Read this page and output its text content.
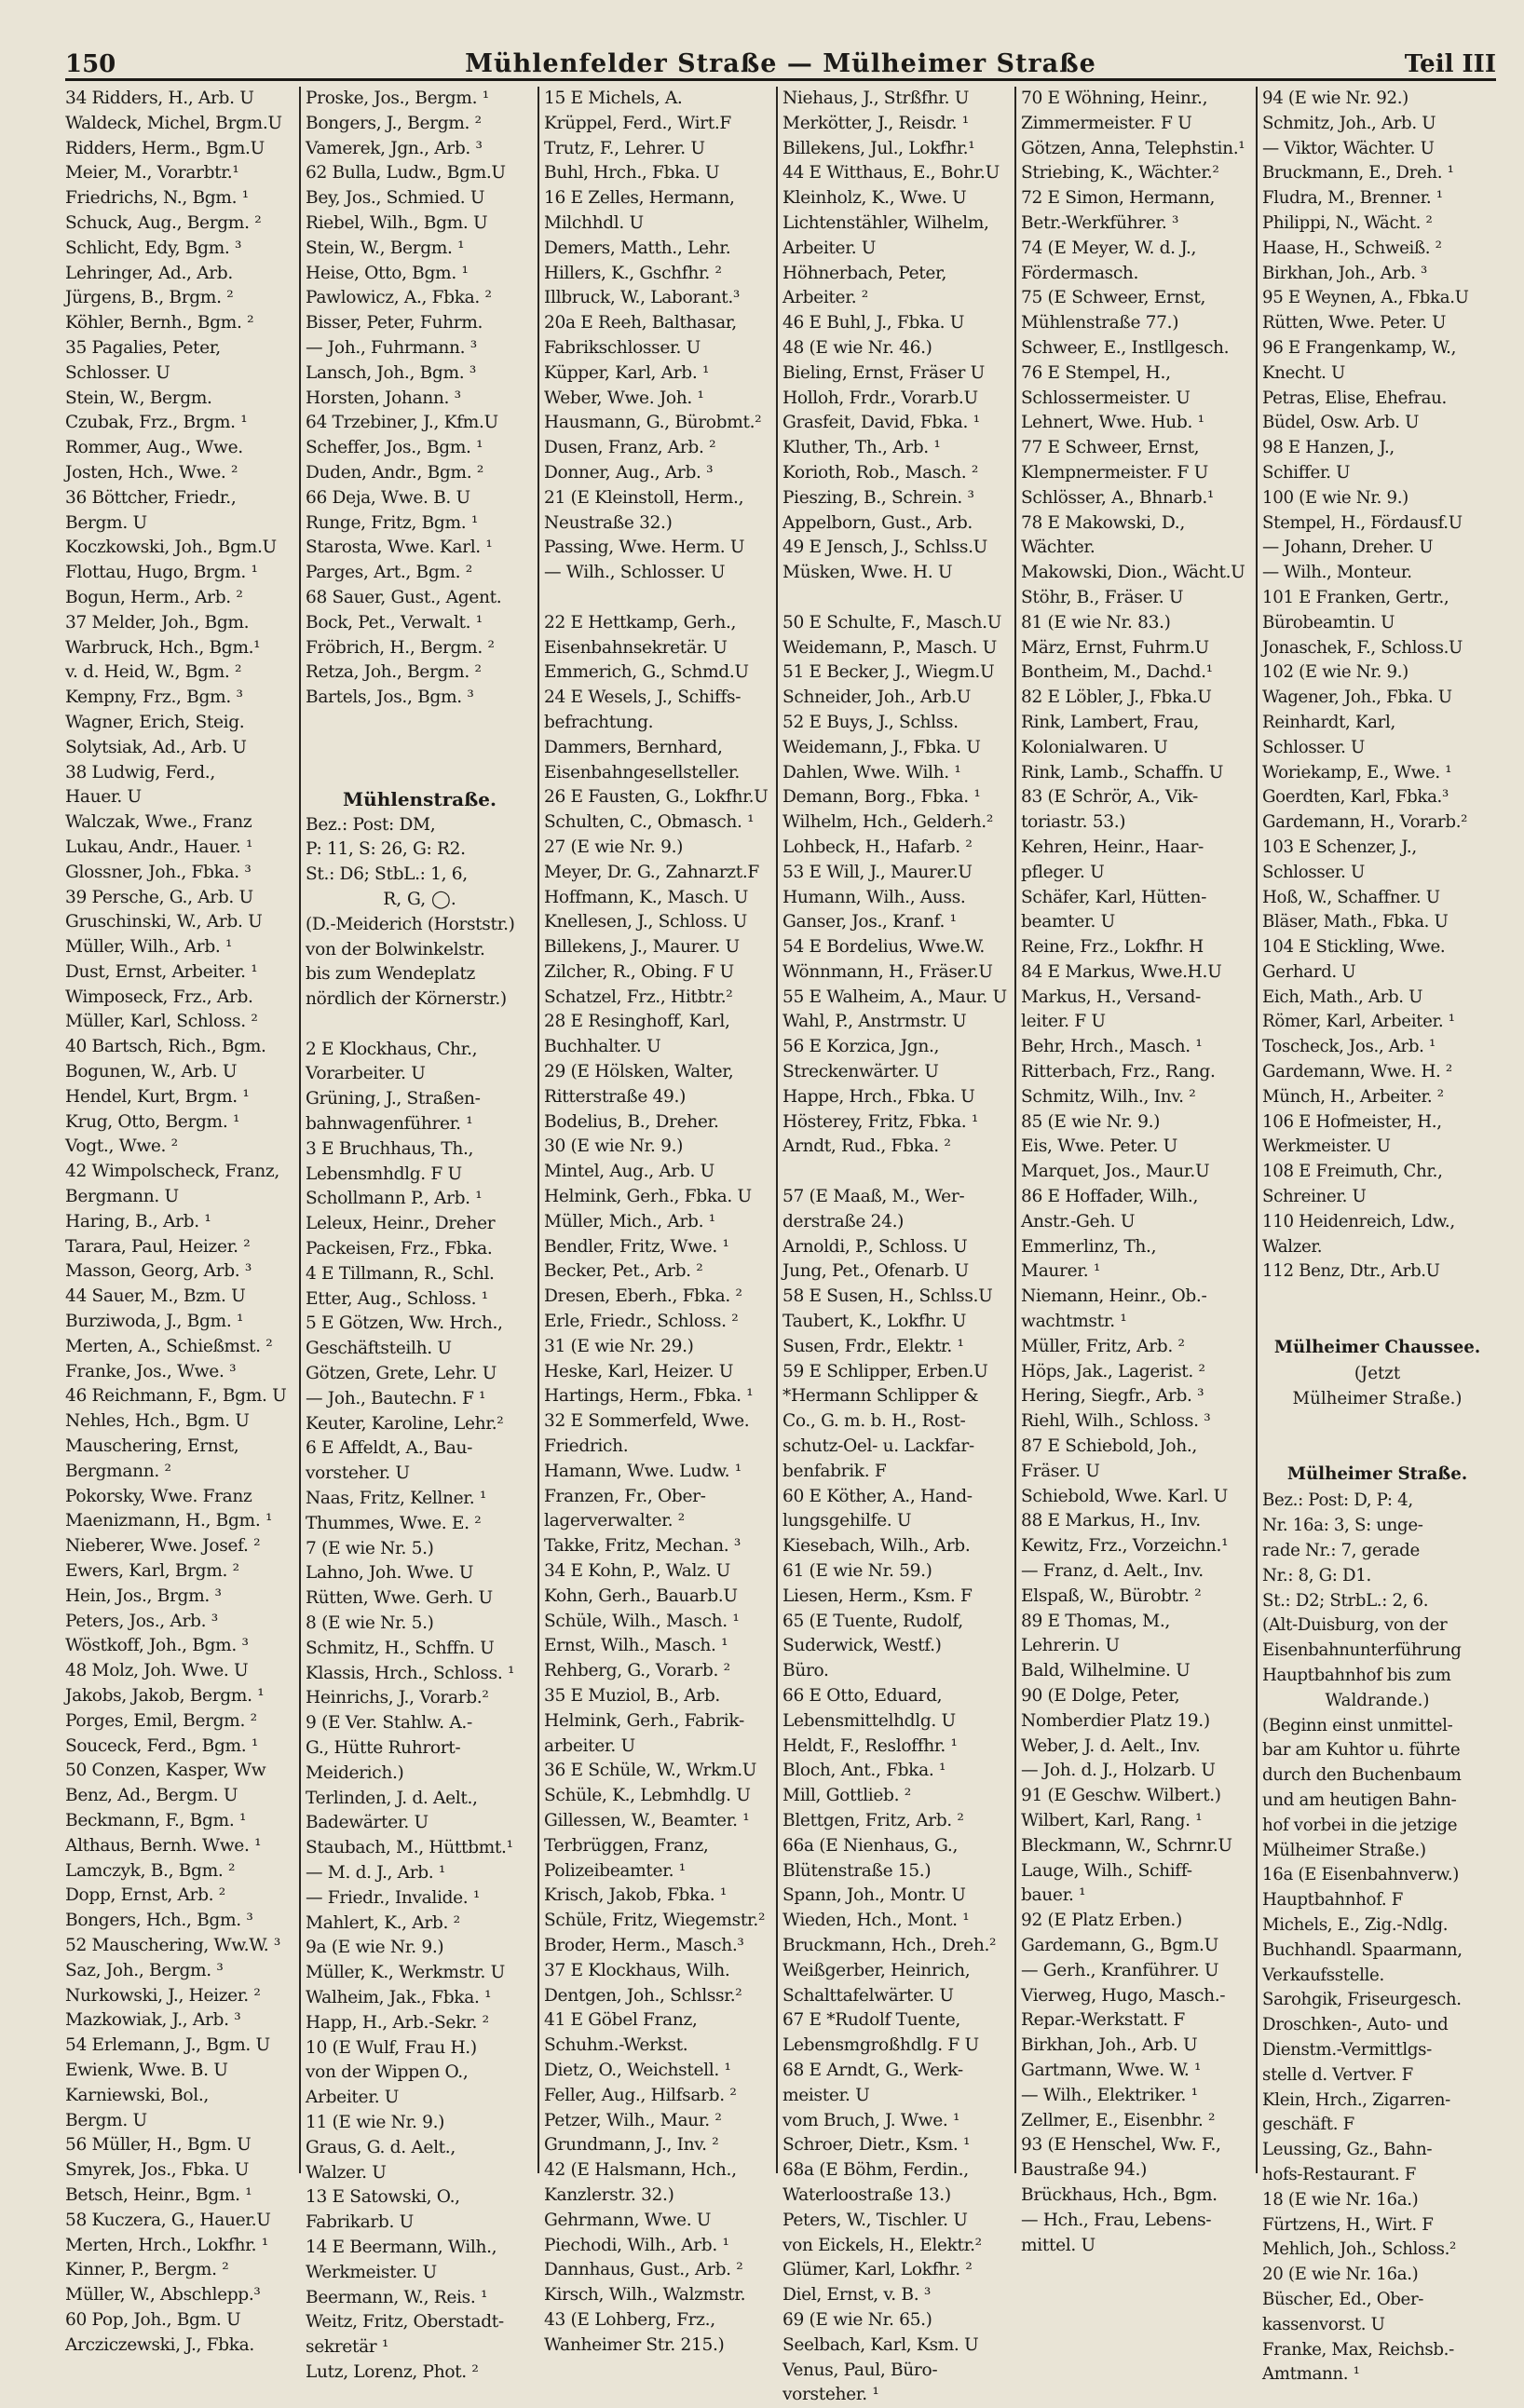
150	Mühlenfelder Straße — Mülheimer Straße	Teil III
34 Ridders, H., Arb. U
Waldeck, Michel, Brgm.U
Ridders, Herm., Bgm.U
Meier, M., Vorarbtr.¹
Friedrichs, N., Bgm. ¹
Schuck, Aug., Bergm. ²
Schlicht, Edy, Bgm. ³
Lehringer, Ad., Arb.
Jürgens, B., Brgm. ²
Köhler, Bernh., Bgm. ²
35 Pagalies, Peter,
Schlosser. U
Stein, W., Bergm.
Czubak, Frz., Brgm. ¹
Rommer, Aug., Wwe.
Josten, Hch., Wwe. ²
36 Böttcher, Friedr.,
Bergm. U
Koczkowski, Joh., Bgm.U
Flottau, Hugo, Brgm. ¹
Bogun, Herm., Arb. ²
37 Melder, Joh., Bgm.
Warbruck, Hch., Bgm.¹
v. d. Heid, W., Bgm. ²
Kempny, Frz., Bgm. ³
Wagner, Erich, Steig.
Solytsiak, Ad., Arb. U
38 Ludwig, Ferd.,
Hauer. U
Walczak, Wwe., Franz
Lukau, Andr., Hauer. ¹
Glossner, Joh., Fbka. ³
39 Persche, G., Arb. U
Gruschinski, W., Arb. U
Müller, Wilh., Arb. ¹
Dust, Ernst, Arbeiter. ¹
Wimposeck, Frz., Arb.
Müller, Karl, Schloss. ²
40 Bartsch, Rich., Bgm.
Bogunen, W., Arb. U
Hendel, Kurt, Brgm. ¹
Krug, Otto, Bergm. ¹
Vogt., Wwe. ²
42 Wimpolscheck, Franz,
Bergmann. U
Haring, B., Arb. ¹
Tarara, Paul, Heizer. ²
Masson, Georg, Arb. ³
44 Sauer, M., Bzm. U
Burziwoda, J., Bgm. ¹
Merten, A., Schießmst. ²
Franke, Jos., Wwe. ³
46 Reichmann, F., Bgm. U
Nehles, Hch., Bgm. U
Mauschering, Ernst,
Bergmann. ²
Pokorsky, Wwe. Franz
Maenizmann, H., Bgm. ¹
Nieberer, Wwe. Josef. ²
Ewers, Karl, Brgm. ²
Hein, Jos., Brgm. ³
Peters, Jos., Arb. ³
Wöstkoff, Joh., Bgm. ³
48 Molz, Joh. Wwe. U
Jakobs, Jakob, Bergm. ¹
Porges, Emil, Bergm. ²
Souceck, Ferd., Bgm. ¹
50 Conzen, Kasper, Ww
Benz, Ad., Bergm. U
Beckmann, F., Bgm. ¹
Althaus, Bernh. Wwe. ¹
Lamczyk, B., Bgm. ²
Dopp, Ernst, Arb. ²
Bongers, Hch., Bgm. ³
52 Mauschering, Ww.W. ³
Saz, Joh., Bergm. ³
Nurkowski, J., Heizer. ²
Mazkowiak, J., Arb. ³
54 Erlemann, J., Bgm. U
Ewienk, Wwe. B. U
Karniewski, Bol.,
Bergm. U
56 Müller, H., Bgm. U
Smyrek, Jos., Fbka. U
Betsch, Heinr., Bgm. ¹
58 Kuczera, G., Hauer.U
Merten, Hrch., Lokfhr. ¹
Kinner, P., Bergm. ²
Müller, W., Abschlepp.³
60 Pop, Joh., Bgm. U
Arcziczewski, J., Fbka.
Proske, Jos., Bergm. ¹
Bongers, J., Bergm. ²
Vamerek, Jgn., Arb. ³
62 Bulla, Ludw., Bgm.U
Bey, Jos., Schmied. U
Riebel, Wilh., Bgm. U
Stein, W., Bergm. ¹
Heise, Otto, Bgm. ¹
Pawlowicz, A., Fbka. ²
Bisser, Peter, Fuhrm.
— Joh., Fuhrmann. ³
Lansch, Joh., Bgm. ³
Horsten, Johann. ³
64 Trzebiner, J., Kfm.U
Scheffer, Jos., Bgm. ¹
Duden, Andr., Bgm. ²
66 Deja, Wwe. B. U
Runge, Fritz, Bgm. ¹
Starosta, Wwe. Karl. ¹
Parges, Art., Bgm. ²
68 Sauer, Gust., Agent.
Bock, Pet., Verwalt. ¹
Fröbrich, H., Bergm. ²
Retza, Joh., Bergm. ²
Bartels, Jos., Bgm. ³
Mühlenstraße.
Bez.: Post: DM,
P: 11, S: 26, G: R2.
St.: D6; StbL.: 1, 6,
R, G, ◯.
(D.-Meiderich (Horststr.)
von der Bolwinkelstr.
bis zum Wendeplatz
nördlich der Körnerstr.)
2 E Klockhaus, Chr.,
Vorarbeiter. U
Grüning, J., Straßen-
bahnwagenführer. ¹
3 E Bruchhaus, Th.,
Lebensmhdlg. F U
Schollmann P., Arb. ¹
Leleux, Heinr., Dreher
Packeisen, Frz., Fbka.
4 E Tillmann, R., Schl.
Etter, Aug., Schloss. ¹
5 E Götzen, Ww. Hrch.,
Geschäftsteilh. U
Götzen, Grete, Lehr. U
— Joh., Bautechn. F ¹
Keuter, Karoline, Lehr.²
6 E Affeldt, A., Bau-
vorsteher. U
Naas, Fritz, Kellner. ¹
Thummes, Wwe. E. ²
7 (E wie Nr. 5.)
Lahno, Joh. Wwe. U
Rütten, Wwe. Gerh. U
8 (E wie Nr. 5.)
Schmitz, H., Schffn. U
Klassis, Hrch., Schloss. ¹
Heinrichs, J., Vorarb.²
9 (E Ver. Stahlw. A.-
G., Hütte Ruhrort-
Meiderich.)
Terlinden, J. d. Aelt.,
Badewärter. U
Staubach, M., Hüttbmt.¹
— M. d. J., Arb. ¹
— Friedr., Invalide. ¹
Mahlert, K., Arb. ²
9a (E wie Nr. 9.)
Müller, K., Werkmstr. U
Walheim, Jak., Fbka. ¹
Happ, H., Arb.-Sekr. ²
10 (E Wulf, Frau H.)
von der Wippen O.,
Arbeiter. U
11 (E wie Nr. 9.)
Graus, G. d. Aelt.,
Walzer. U
13 E Satowski, O.,
Fabrikarb. U
14 E Beermann, Wilh.,
Werkmeister. U
Beermann, W., Reis. ¹
Weitz, Fritz, Oberstadt-
sekretär ¹
Lutz, Lorenz, Phot. ²
15 E Michels, A.
Krüppel, Ferd., Wirt.F
Trutz, F., Lehrer. U
Buhl, Hrch., Fbka. U
16 E Zelles, Hermann,
Milchhdl. U
Demers, Matth., Lehr.
Hillers, K., Gschfhr. ²
Illbruck, W., Laborant.³
20a E Reeh, Balthasar,
Fabrikschlosser. U
Küpper, Karl, Arb. ¹
Weber, Wwe. Joh. ¹
Hausmann, G., Bürobmt.²
Dusen, Franz, Arb. ²
Donner, Aug., Arb. ³
21 (E Kleinstoll, Herm.,
Neustraße 32.)
Passing, Wwe. Herm. U
— Wilh., Schlosser. U
22 E Hettkamp, Gerh.,
Eisenbahnsekretär. U
Emmerich, G., Schmd.U
24 E Wesels, J., Schiffs-
befrachtung.
Dammers, Bernhard,
Eisenbahngesellsteller.
26 E Fausten, G., Lokfhr.U
Schulten, C., Obmasch. ¹
27 (E wie Nr. 9.)
Meyer, Dr. G., Zahnarzt.F
Hoffmann, K., Masch. U
Knellesen, J., Schloss. U
Billekens, J., Maurer. U
Zilcher, R., Obing. F U
Schatzel, Frz., Hitbtr.²
28 E Resinghoff, Karl,
Buchhalter. U
29 (E Hölsken, Walter,
Ritterstraße 49.)
Bodelius, B., Dreher.
30 (E wie Nr. 9.)
Mintel, Aug., Arb. U
Helmink, Gerh., Fbka. U
Müller, Mich., Arb. ¹
Bendler, Fritz, Wwe. ¹
Becker, Pet., Arb. ²
Dresen, Eberh., Fbka. ²
Erle, Friedr., Schloss. ²
31 (E wie Nr. 29.)
Heske, Karl, Heizer. U
Hartings, Herm., Fbka. ¹
32 E Sommerfeld, Wwe.
Friedrich.
Hamann, Wwe. Ludw. ¹
Franzen, Fr., Ober-
lagerverwalter. ²
Takke, Fritz, Mechan. ³
34 E Kohn, P., Walz. U
Kohn, Gerh., Bauarb.U
Schüle, Wilh., Masch. ¹
Ernst, Wilh., Masch. ¹
Rehberg, G., Vorarb. ²
35 E Muziol, B., Arb.
Helmink, Gerh., Fabrik-
arbeiter. U
36 E Schüle, W., Wrkm.U
Schüle, K., Lebmhdlg. U
Gillessen, W., Beamter. ¹
Terbrüggen, Franz,
Polizeibeamter. ¹
Krisch, Jakob, Fbka. ¹
Schüle, Fritz, Wiegemstr.²
Broder, Herm., Masch.³
37 E Klockhaus, Wilh.
Dentgen, Joh., Schlssr.²
41 E Göbel Franz,
Schuhm.-Werkst.
Dietz, O., Weichstell. ¹
Feller, Aug., Hilfsarb. ²
Petzer, Wilh., Maur. ²
Grundmann, J., Inv. ²
42 (E Halsmann, Hch.,
Kanzlerstr. 32.)
Gehrmann, Wwe. U
Piechodi, Wilh., Arb. ¹
Dannhaus, Gust., Arb. ²
Kirsch, Wilh., Walzmstr.
43 (E Lohberg, Frz.,
Wanheimer Str. 215.)
Niehaus, J., Strßfhr. U
Merkötter, J., Reisdr. ¹
Billekens, Jul., Lokfhr.¹
44 E Witthaus, E., Bohr.U
Kleinholz, K., Wwe. U
Lichtenstähler, Wilhelm,
Arbeiter. U
Höhnerbach, Peter,
Arbeiter. ²
46 E Buhl, J., Fbka. U
48 (E wie Nr. 46.)
Bieling, Ernst, Fräser U
Holloh, Frdr., Vorarb.U
Grasfeit, David, Fbka. ¹
Kluther, Th., Arb. ¹
Korioth, Rob., Masch. ²
Pieszing, B., Schrein. ³
Appelborn, Gust., Arb.
49 E Jensch, J., Schlss.U
Müsken, Wwe. H. U
50 E Schulte, F., Masch.U
Weidemann, P., Masch. U
51 E Becker, J., Wiegm.U
Schneider, Joh., Arb.U
52 E Buys, J., Schlss.
Weidemann, J., Fbka. U
Dahlen, Wwe. Wilh. ¹
Demann, Borg., Fbka. ¹
Wilhelm, Hch., Gelderh.²
Lohbeck, H., Hafarb. ²
53 E Will, J., Maurer.U
Humann, Wilh., Auss.
Ganser, Jos., Kranf. ¹
54 E Bordelius, Wwe.W.
Wönnmann, H., Fräser.U
55 E Walheim, A., Maur. U
Wahl, P., Anstrmstr. U
56 E Korzica, Jgn.,
Streckenwärter. U
Happe, Hrch., Fbka. U
Hösterey, Fritz, Fbka. ¹
Arndt, Rud., Fbka. ²
57 (E Maaß, M., Wer-
derstraße 24.)
Arnoldi, P., Schloss. U
Jung, Pet., Ofenarb. U
58 E Susen, H., Schlss.U
Taubert, K., Lokfhr. U
Susen, Frdr., Elektr. ¹
59 E Schlipper, Erben.U
*Hermann Schlipper &
Co., G. m. b. H., Rost-
schutz-Oel- u. Lackfar-
benfabrik. F
60 E Köther, A., Hand-
lungsgehilfe. U
Kiesebach, Wilh., Arb.
61 (E wie Nr. 59.)
Liesen, Herm., Ksm. F
65 (E Tuente, Rudolf,
Suderwick, Westf.)
Büro.
66 E Otto, Eduard,
Lebensmittelhdlg. U
Heldt, F., Resloffhr. ¹
Bloch, Ant., Fbka. ¹
Mill, Gottlieb. ²
Blettgen, Fritz, Arb. ²
66a (E Nienhaus, G.,
Blütenstraße 15.)
Spann, Joh., Montr. U
Wieden, Hch., Mont. ¹
Bruckmann, Hch., Dreh.²
Weißgerber, Heinrich,
Schalttafelwärter. U
67 E *Rudolf Tuente,
Lebensmgroßhdlg. F U
68 E Arndt, G., Werk-
meister. U
vom Bruch, J. Wwe. ¹
Schroer, Dietr., Ksm. ¹
68a (E Böhm, Ferdin.,
Waterloostraße 13.)
Peters, W., Tischler. U
von Eickels, H., Elektr.²
Glümer, Karl, Lokfhr. ²
Diel, Ernst, v. B. ³
69 (E wie Nr. 65.)
Seelbach, Karl, Ksm. U
Venus, Paul, Büro-
vorsteher. ¹
70 E Wöhning, Heinr.,
Zimmermeister. F U
Götzen, Anna, Telephstin.¹
Striebing, K., Wächter.²
72 E Simon, Hermann,
Betr.-Werkführer. ³
74 (E Meyer, W. d. J.,
Fördermasch.
75 (E Schweer, Ernst,
Mühlenstraße 77.)
Schweer, E., Instllgesch.
76 E Stempel, H.,
Schlossermeister. U
Lehnert, Wwe. Hub. ¹
77 E Schweer, Ernst,
Klempnermeister. F U
Schlösser, A., Bhnarb.¹
78 E Makowski, D.,
Wächter.
Makowski, Dion., Wächt.U
Stöhr, B., Fräser. U
81 (E wie Nr. 83.)
März, Ernst, Fuhrm.U
Bontheim, M., Dachd.¹
82 E Löbler, J., Fbka.U
Rink, Lambert, Frau,
Kolonialwaren. U
Rink, Lamb., Schaffn. U
83 (E Schrör, A., Vik-
toriastr. 53.)
Kehren, Heinr., Haar-
pfleger. U
Schäfer, Karl, Hütten-
beamter. U
Reine, Frz., Lokfhr. H
84 E Markus, Wwe.H.U
Markus, H., Versand-
leiter. F U
Behr, Hrch., Masch. ¹
Ritterbach, Frz., Rang.
Schmitz, Wilh., Inv. ²
85 (E wie Nr. 9.)
Eis, Wwe. Peter. U
Marquet, Jos., Maur.U
86 E Hoffader, Wilh.,
Anstr.-Geh. U
Emmerlinz, Th.,
Maurer. ¹
Niemann, Heinr., Ob.-
wachtmstr. ¹
Müller, Fritz, Arb. ²
Höps, Jak., Lagerist. ²
Hering, Siegfr., Arb. ³
Riehl, Wilh., Schloss. ³
87 E Schiebold, Joh.,
Fräser. U
Schiebold, Wwe. Karl. U
88 E Markus, H., Inv.
Kewitz, Frz., Vorzeichn.¹
— Franz, d. Aelt., Inv.
Elspaß, W., Bürobtr. ²
89 E Thomas, M.,
Lehrerin. U
Bald, Wilhelmine. U
90 (E Dolge, Peter,
Nomberdier Platz 19.)
Weber, J. d. Aelt., Inv.
— Joh. d. J., Holzarb. U
91 (E Geschw. Wilbert.)
Wilbert, Karl, Rang. ¹
Bleckmann, W., Schrnr.U
Lauge, Wilh., Schiff-
bauer. ¹
92 (E Platz Erben.)
Gardemann, G., Bgm.U
— Gerh., Kranführer. U
Vierweg, Hugo, Masch.-
Repar.-Werkstatt. F
Birkhan, Joh., Arb. U
Gartmann, Wwe. W. ¹
— Wilh., Elektriker. ¹
Zellmer, E., Eisenbhr. ²
93 (E Henschel, Ww. F.,
Baustraße 94.)
Brückhaus, Hch., Bgm.
— Hch., Frau, Lebens-
mittel. U
94 (E wie Nr. 92.)
Schmitz, Joh., Arb. U
— Viktor, Wächter. U
Bruckmann, E., Dreh. ¹
Fludra, M., Brenner. ¹
Philippi, N., Wächt. ²
Haase, H., Schweiß. ²
Birkhan, Joh., Arb. ³
95 E Weynen, A., Fbka.U
Rütten, Wwe. Peter. U
96 E Frangenkamp, W.,
Knecht. U
Petras, Elise, Ehefrau.
Büdel, Osw. Arb. U
98 E Hanzen, J.,
Schiffer. U
100 (E wie Nr. 9.)
Stempel, H., Fördausf.U
— Johann, Dreher. U
— Wilh., Monteur.
101 E Franken, Gertr.,
Bürobeamtin. U
Jonaschek, F., Schloss.U
102 (E wie Nr. 9.)
Wagener, Joh., Fbka. U
Reinhardt, Karl,
Schlosser. U
Woriekamp, E., Wwe. ¹
Goerdten, Karl, Fbka.³
Gardemann, H., Vorarb.²
103 E Schenzer, J.,
Schlosser. U
Hoß, W., Schaffner. U
Bläser, Math., Fbka. U
104 E Stickling, Wwe.
Gerhard. U
Eich, Math., Arb. U
Römer, Karl, Arbeiter. ¹
Toscheck, Jos., Arb. ¹
Gardemann, Wwe. H. ²
Münch, H., Arbeiter. ²
106 E Hofmeister, H.,
Werkmeister. U
108 E Freimuth, Chr.,
Schreiner. U
110 Heidenreich, Ldw.,
Walzer.
112 Benz, Dtr., Arb.U
Mülheimer Chaussee.
(Jetzt
Mülheimer Straße.)
Mülheimer Straße.
Bez.: Post: D, P: 4,
Nr. 16a: 3, S: unge-
rade Nr.: 7, gerade
Nr.: 8, G: D1.
St.: D2; StrbL.: 2, 6.
(Alt-Duisburg, von der
Eisenbahnunterführung
Hauptbahnhof bis zum
Waldrande.)
(Beginn einst unmittel-
bar am Kuhtor u. führte
durch den Buchenbaum
und am heutigen Bahn-
hof vorbei in die jetzige
Mülheimer Straße.)
16a (E Eisenbahnverw.)
Hauptbahnhof. F
Michels, E., Zig.-Ndlg.
Buchhandl. Spaarmann,
Verkaufsstelle.
Sarohgik, Friseurgesch.
Droschken-, Auto- und
Dienstm.-Vermittlgs-
stelle d. Vertver. F
Klein, Hrch., Zigarren-
geschäft. F
Leussing, Gz., Bahn-
hofs-Restaurant. F
18 (E wie Nr. 16a.)
Fürtzens, H., Wirt. F
Mehlich, Joh., Schloss.²
20 (E wie Nr. 16a.)
Büscher, Ed., Ober-
kassenvorst. U
Franke, Max, Reichsb.-
Amtmann. ¹
